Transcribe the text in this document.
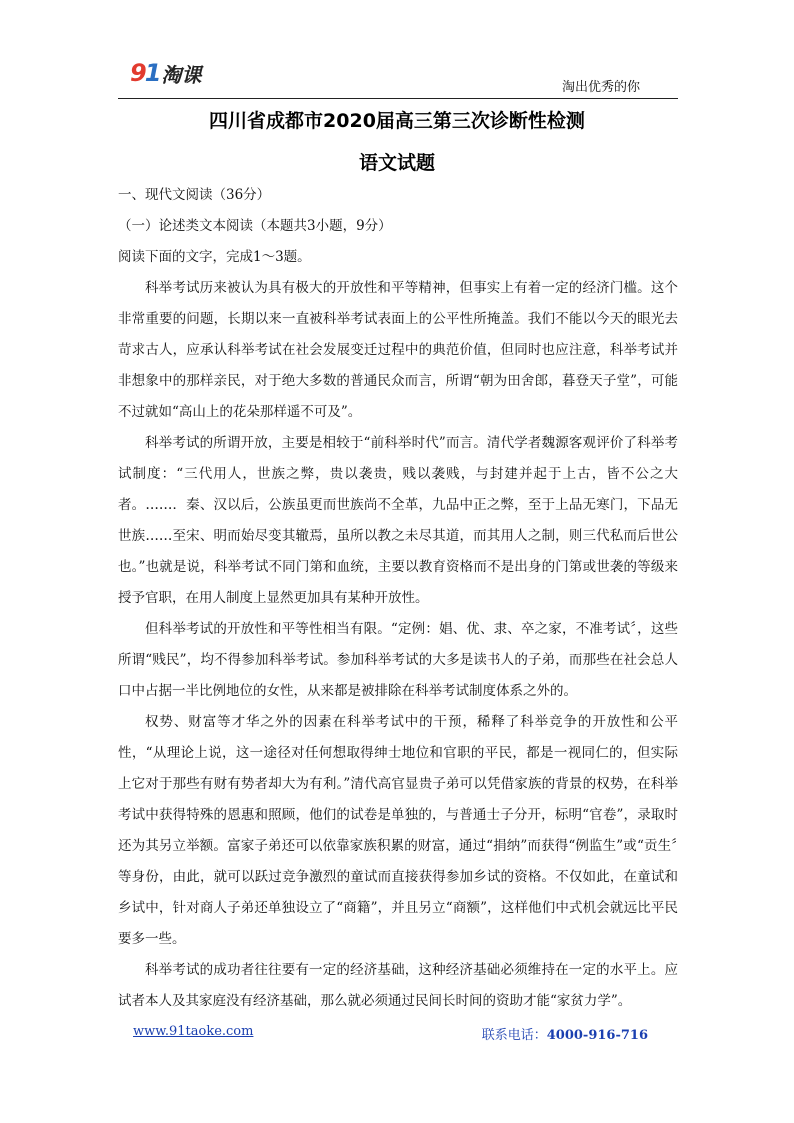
91 淘课
淘出优秀的你
四川省成都市2020届高三第三次诊断性检测
语文试题
一、现代文阅读（36分）
（一）论述类文本阅读（本题共3小题，9分）
阅读下面的文字，完成1～3题。

科举考试历来被认为具有极大的开放性和平等精神，但事实上有着一定的经济门槛。这个非常重要的问题，长期以来一直被科举考试表面上的公平性所掩盖。我们不能以今天的眼光去苛求古人，应承认科举考试在社会发展变迁过程中的典范价值，但同时也应注意，科举考试并非想象中的那样亲民，对于绝大多数的普通民众而言，所谓“朝为田舍郎，暮登天子堂”，可能不过就如“高山上的花朵那样遥不可及”。

科举考试的所谓开放，主要是相较于“前科举时代”而言。清代学者魏源客观评价了科举考试制度：“三代用人，世族之弊，贵以袭贵，贱以袭贱，与封建并起于上古，皆不公之大者。……．秦、汉以后，公族虽更而世族尚不全革，九品中正之弊，至于上品无寒门，下品无世族……至宋、明而始尽变其辙焉，虽所以教之未尽其道，而其用人之制，则三代私而后世公也。”也就是说，科举考试不同门第和血统，主要以教育资格而不是出身的门第或世袭的等级来授予官职，在用人制度上显然更加具有某种开放性。

但科举考试的开放性和平等性相当有限。“定例：娼、优、隶、卒之家，不准考试〞，这些所谓“贱民”，均不得参加科举考试。参加科举考试的大多是读书人的子弟，而那些在社会总人口中占据一半比例地位的女性，从来都是被排除在科举考试制度体系之外的。

权势、财富等才华之外的因素在科举考试中的干预，稀释了科举竞争的开放性和公平性，“从理论上说，这一途径对任何想取得绅士地位和官职的平民，都是一视同仁的，但实际上它对于那些有财有势者却大为有利。”清代高官显贵子弟可以凭借家族的背景的权势，在科举考试中获得特殊的恩惠和照顾，他们的试卷是单独的，与普通士子分开，标明“官卷”，录取时还为其另立举额。富家子弟还可以依靠家族积累的财富，通过“捐纳”而获得“例监生”或“贡生〞等身份，由此，就可以跃过竞争激烈的童试而直接获得参加乡试的资格。不仅如此，在童试和乡试中，针对商人子弟还单独设立了“商籍”，并且另立“商额”，这样他们中式机会就远比平民要多一些。

科举考试的成功者往往要有一定的经济基础，这种经济基础必须维持在一定的水平上。应试者本人及其家庭没有经济基础，那么就必须通过民间长时间的资助才能“家贫力学”。

www.91taoke.com	联系电话：4000-916-716
